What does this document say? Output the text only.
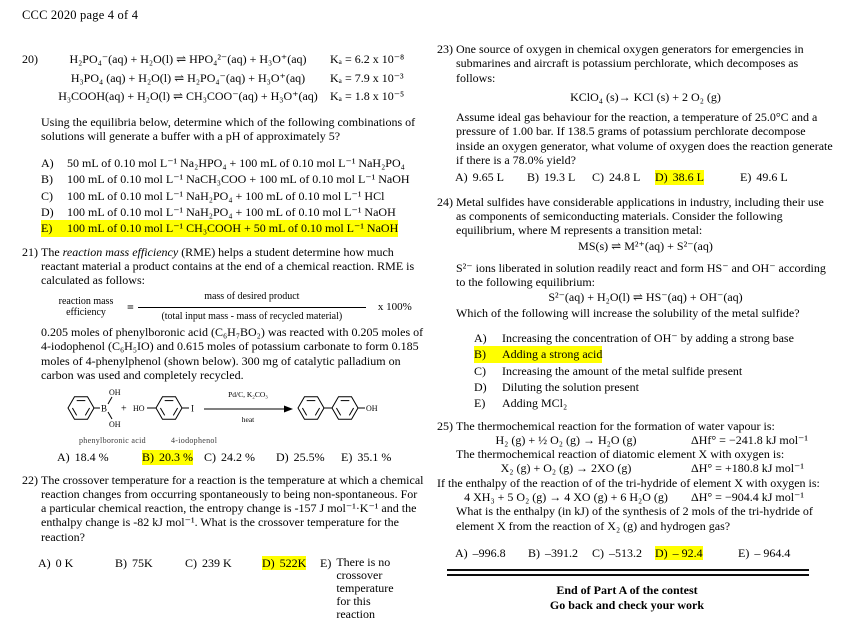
CCC 2020 page 4 of 4
20)	H₂PO₄⁻(aq) + H₂O(l) ⇌ HPO₄²⁻(aq) + H₃O⁺(aq)	Kₐ = 6.2 x 10⁻⁸
H₃PO₄ (aq) + H₂O(l) ⇌ H₂PO₄⁻(aq) + H₃O⁺(aq)	Kₐ = 7.9 x 10⁻³
H₃COOH(aq) + H₂O(l) ⇌ CH₃COO⁻(aq) + H₃O⁺(aq)	Kₐ = 1.8 x 10⁻⁵
Using the equilibria below, determine which of the following combinations of solutions will generate a buffer with a pH of approximately 5?
A)	50 mL of 0.10 mol L⁻¹ Na₂HPO₄ + 100 mL of 0.10 mol L⁻¹ NaH₂PO₄
B)	100 mL of 0.10 mol L⁻¹ NaCH₃COO + 100 mL of 0.10 mol L⁻¹ NaOH
C)	100 mL of 0.10 mol L⁻¹ NaH₂PO₄ + 100 mL of 0.10 mol L⁻¹ HCl
D)	100 mL of 0.10 mol L⁻¹ NaH₂PO₄ + 100 mL of 0.10 mol L⁻¹ NaOH
E)	100 mL of 0.10 mol L⁻¹ CH₃COOH + 50 mL of 0.10 mol L⁻¹ NaOH
21) The reaction mass efficiency (RME) helps a student determine how much reactant material a product contains at the end of a chemical reaction. RME is calculated as follows:
reaction mass
efficiency	= $\frac{\text{mass of desired product}}{\text{(total input mass - mass of recycled material)}}$ x 100%
0.205 moles of phenylboronic acid (C₆H₇BO₂) was reacted with 0.205 moles of 4-iodophenol (C₆H₅IO) and 0.615 moles of potassium carbonate to form 0.185 moles of 4-phenylphenol (shown below). 300 mg of catalytic palladium on carbon was used and completely recycled.
B
OH
OH
+ HO	I
Pd/C, K₂CO₃
heat
OH
phenylboronic acid	4-iodophenol
A) 18.4 %	B) 20.3 % C) 24.2 % D) 25.5% E) 35.1 %
22) The crossover temperature for a reaction is the temperature at which a chemical reaction changes from occurring spontaneously to being non-spontaneous. For a particular chemical reaction, the entropy change is -157 J mol⁻¹·K⁻¹ and the enthalpy change is -82 kJ mol⁻¹. What is the crossover temperature for the reaction?
A) 0 K	B) 75K	C) 239 K	D) 522K E) There is no crossover temperature for this reaction
23) One source of oxygen in chemical oxygen generators for emergencies in submarines and aircraft is potassium perchlorate, which decomposes as follows:
KClO₄ (s)→ KCl (s) + 2 O₂ (g)
Assume ideal gas behaviour for the reaction, a temperature of 25.0°C and a pressure of 1.00 bar. If 138.5 grams of potassium perchlorate decompose inside an oxygen generator, what volume of oxygen does the reaction generate if there is a 78.0% yield?
A) 9.65 L B) 19.3 L C) 24.8 L D) 38.6 L	E) 49.6 L
24) Metal sulfides have considerable applications in industry, including their use as components of semiconducting materials. Consider the following equilibrium, where M represents a transition metal:
MS(s) ⇌ M²⁺(aq) + S²⁻(aq)
S²⁻ ions liberated in solution readily react and form HS⁻ and OH⁻ according to the following equilibrium:
S²⁻(aq) + H₂O(l) ⇌ HS⁻(aq) + OH⁻(aq)
Which of the following will increase the solubility of the metal sulfide?
A)	Increasing the concentration of OH⁻ by adding a strong base
B)	Adding a strong acid
C)	Increasing the amount of the metal sulfide present
D)	Diluting the solution present
E)	Adding MCl₂
25) The thermochemical reaction for the formation of water vapour is:
H₂ (g) + ½ O₂ (g) → H₂O (g)	ΔHf° = −241.8 kJ mol⁻¹
The thermochemical reaction of diatomic element X with oxygen is:
X₂ (g) + O₂ (g) → 2XO (g)	ΔH° = +180.8 kJ mol⁻¹
If the enthalpy of the reaction of of the tri-hydride of element X with oxygen is:
4 XH₃ + 5 O₂ (g) → 4 XO (g) + 6 H₂O (g)	ΔH° = −904.4 kJ mol⁻¹
What is the enthalpy (in kJ) of the synthesis of 2 mols of the tri-hydride of element X from the reaction of X₂ (g) and hydrogen gas?
A) –996.8 B) –391.2 C) –513.2 D) – 92.4	E) – 964.4
End of Part A of the contest
Go back and check your work
